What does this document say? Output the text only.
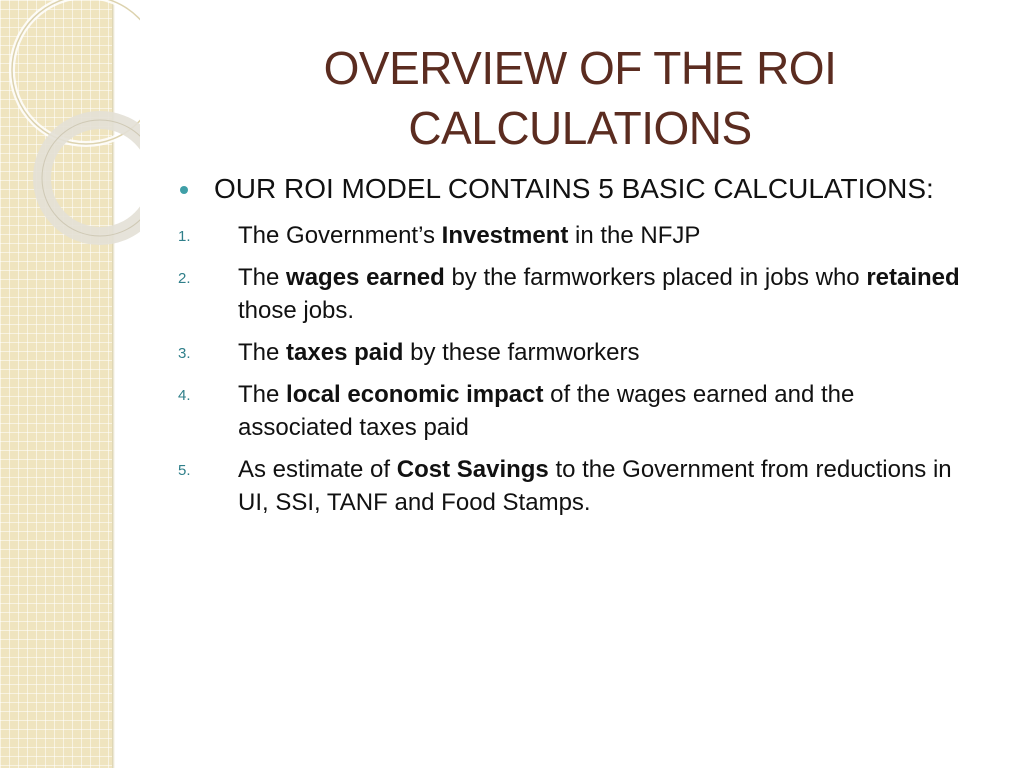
OVERVIEW OF THE ROI CALCULATIONS
OUR ROI MODEL CONTAINS 5 BASIC CALCULATIONS:
1.	The Government’s Investment in the NFJP
2.	The wages earned by the farmworkers placed in jobs who retained those jobs.
3.	The taxes paid by these farmworkers
4.	The local economic impact of the wages earned and the associated taxes paid
5.	As estimate of Cost Savings to the Government from reductions in UI, SSI, TANF and Food Stamps.
